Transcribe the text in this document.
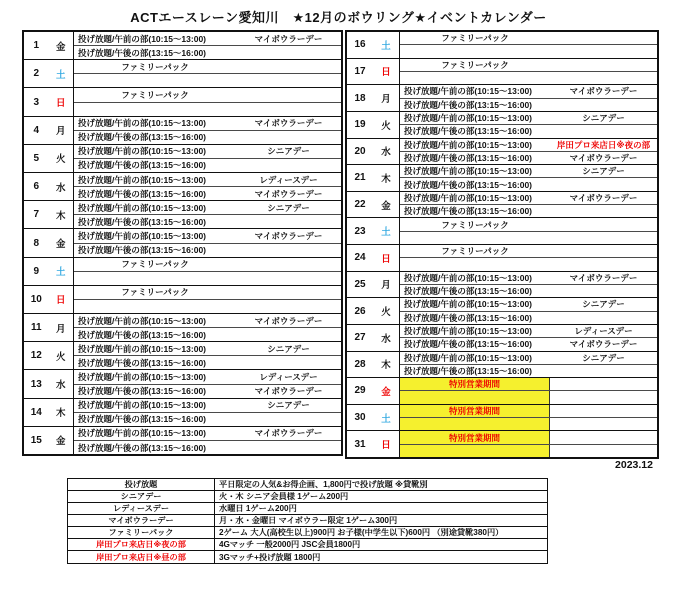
ACTエースレーン愛知川　★12月のボウリング★イベントカレンダー
1	金
投げ放題/午前の部(10:15～13:00)	マイボウラーデー
投げ放題/午後の部(13:15～16:00)
2	土
ファミリーパック
3	日
ファミリーパック
4	月
投げ放題/午前の部(10:15～13:00)	マイボウラーデー
投げ放題/午後の部(13:15～16:00)
5	火
投げ放題/午前の部(10:15～13:00)	シニアデー
投げ放題/午後の部(13:15～16:00)
6	水
投げ放題/午前の部(10:15～13:00)	レディースデー
投げ放題/午後の部(13:15～16:00)	マイボウラーデー
7	木
投げ放題/午前の部(10:15～13:00)	シニアデー
投げ放題/午後の部(13:15～16:00)
8	金
投げ放題/午前の部(10:15～13:00)	マイボウラーデー
投げ放題/午後の部(13:15～16:00)
9	土
ファミリーパック
10	日
ファミリーパック
11	月
投げ放題/午前の部(10:15～13:00)	マイボウラーデー
投げ放題/午後の部(13:15～16:00)
12	火
投げ放題/午前の部(10:15～13:00)	シニアデー
投げ放題/午後の部(13:15～16:00)
13	水
投げ放題/午前の部(10:15～13:00)	レディースデー
投げ放題/午後の部(13:15～16:00)	マイボウラーデー
14	木
投げ放題/午前の部(10:15～13:00)	シニアデー
投げ放題/午後の部(13:15～16:00)
15	金
投げ放題/午前の部(10:15～13:00)	マイボウラーデー
投げ放題/午後の部(13:15～16:00)
16	土
ファミリーパック
17	日
ファミリーパック
18	月
投げ放題/午前の部(10:15～13:00)	マイボウラーデー
投げ放題/午後の部(13:15～16:00)
19	火
投げ放題/午前の部(10:15～13:00)	シニアデー
投げ放題/午後の部(13:15～16:00)
20	水
投げ放題/午前の部(10:15～13:00)	岸田プロ来店日※夜の部
投げ放題/午後の部(13:15～16:00)	マイボウラーデー
21	木
投げ放題/午前の部(10:15～13:00)	シニアデー
投げ放題/午後の部(13:15～16:00)
22	金
投げ放題/午前の部(10:15～13:00)	マイボウラーデー
投げ放題/午後の部(13:15～16:00)
23	土
ファミリーパック
24	日
ファミリーパック
25	月
投げ放題/午前の部(10:15～13:00)	マイボウラーデー
投げ放題/午後の部(13:15～16:00)
26	火
投げ放題/午前の部(10:15～13:00)	シニアデー
投げ放題/午後の部(13:15～16:00)
27	水
投げ放題/午前の部(10:15～13:00)	レディースデー
投げ放題/午後の部(13:15～16:00)	マイボウラーデー
28	木
投げ放題/午前の部(10:15～13:00)	シニアデー
投げ放題/午後の部(13:15～16:00)
29	金
特別営業期間
30	土
特別営業期間
31	日
特別営業期間
2023.12
投げ放題	平日限定の人気&お得企画、1,800円で投げ放題 ※貸靴別
シニアデー	火・木 シニア会員様 1ゲーム200円
レディースデー	水曜日 1ゲーム200円
マイボウラーデー	月・水・金曜日 マイボウラー限定 1ゲーム300円
ファミリーパック	2ゲーム 大人(高校生以上)900円 お子様(中学生以下)600円 （別途貸靴380円）
岸田プロ来店日※夜の部	4Gマッチ 一般2000円 JSC会員1800円
岸田プロ来店日※昼の部	3Gマッチ+投げ放題 1800円
